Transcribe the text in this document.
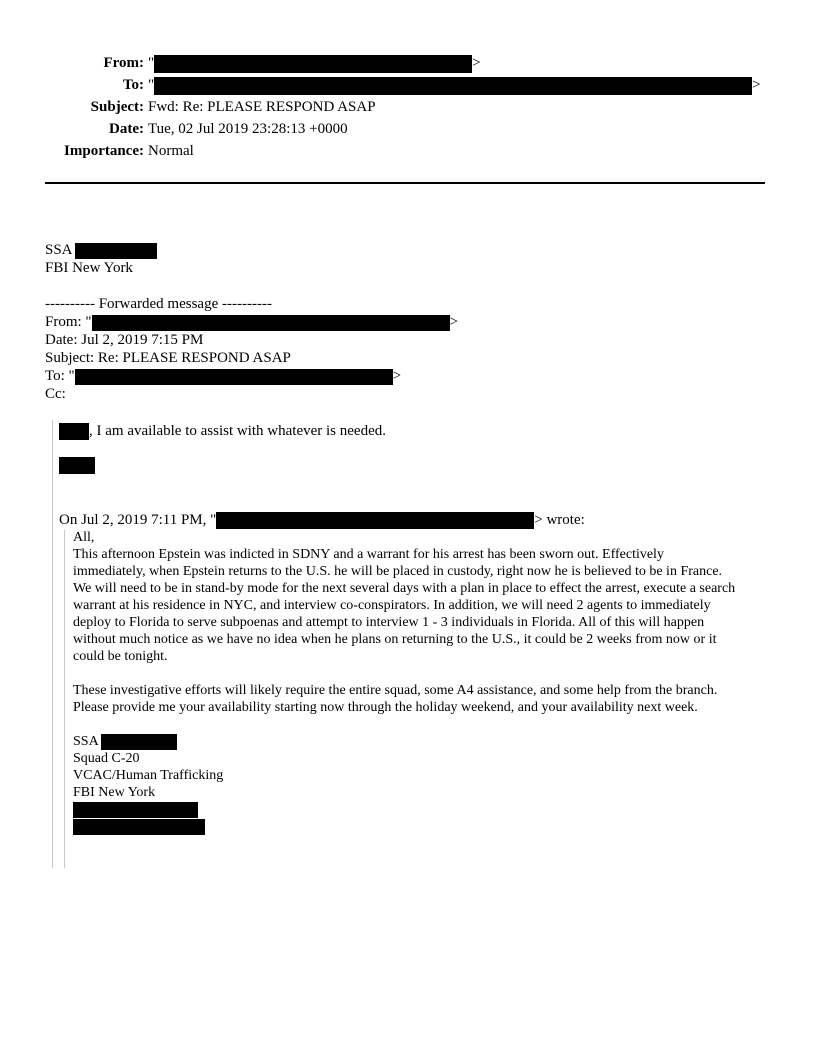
From: "	>
To: "	>
Subject: Fwd: Re: PLEASE RESPOND ASAP
Date: Tue, 02 Jul 2019 23:28:13 +0000
Importance: Normal
SSA
FBI New York
---------- Forwarded message ----------
From: "	>
Date: Jul 2, 2019 7:15 PM
Subject: Re: PLEASE RESPOND ASAP
To: "	>
Cc:
, I am available to assist with whatever is needed.
On Jul 2, 2019 7:11 PM, "	> wrote:
All,
This afternoon Epstein was indicted in SDNY and a warrant for his arrest has been sworn out. Effectively
immediately, when Epstein returns to the U.S. he will be placed in custody, right now he is believed to be in France.
We will need to be in stand-by mode for the next several days with a plan in place to effect the arrest, execute a search
warrant at his residence in NYC, and interview co-conspirators. In addition, we will need 2 agents to immediately
deploy to Florida to serve subpoenas and attempt to interview 1 - 3 individuals in Florida. All of this will happen
without much notice as we have no idea when he plans on returning to the U.S., it could be 2 weeks from now or it
could be tonight.
These investigative efforts will likely require the entire squad, some A4 assistance, and some help from the branch.
Please provide me your availability starting now through the holiday weekend, and your availability next week.
SSA
Squad C-20
VCAC/Human Trafficking
FBI New York
